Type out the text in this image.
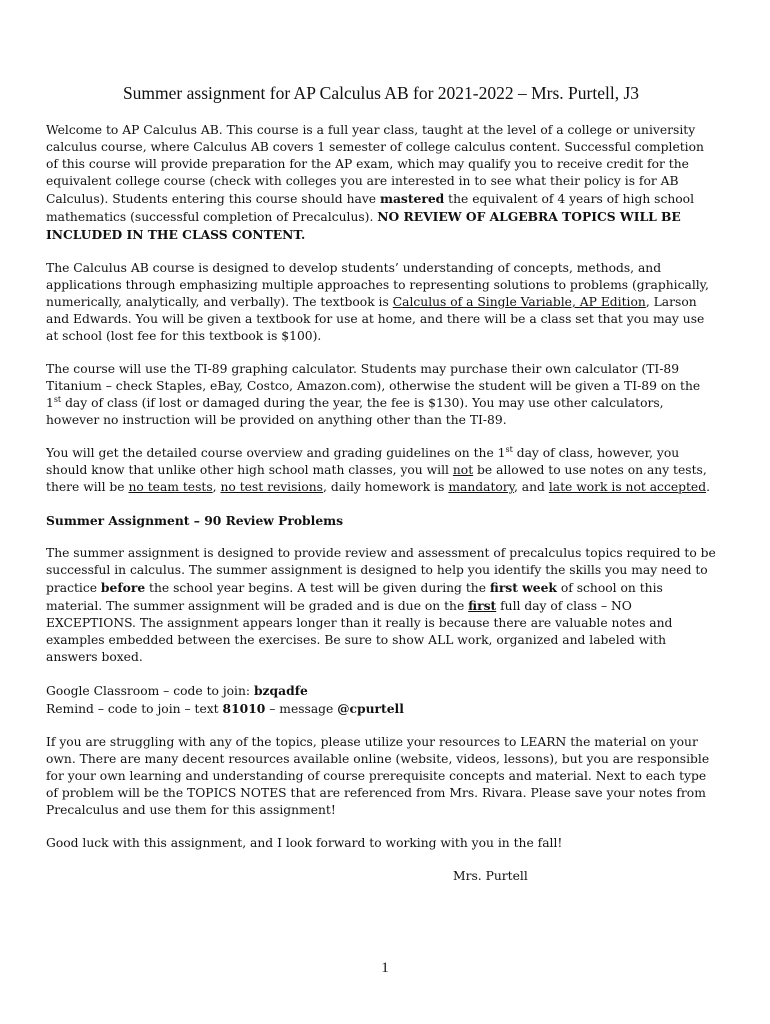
Summer assignment for AP Calculus AB for 2021-2022 – Mrs. Purtell, J3

Welcome to AP Calculus AB. This course is a full year class, taught at the level of a college or university calculus course, where Calculus AB covers 1 semester of college calculus content. Successful completion of this course will provide preparation for the AP exam, which may qualify you to receive credit for the equivalent college course (check with colleges you are interested in to see what their policy is for AB Calculus). Students entering this course should have mastered the equivalent of 4 years of high school mathematics (successful completion of Precalculus). NO REVIEW OF ALGEBRA TOPICS WILL BE INCLUDED IN THE CLASS CONTENT.

The Calculus AB course is designed to develop students’ understanding of concepts, methods, and applications through emphasizing multiple approaches to representing solutions to problems (graphically, numerically, analytically, and verbally). The textbook is Calculus of a Single Variable, AP Edition, Larson and Edwards. You will be given a textbook for use at home, and there will be a class set that you may use at school (lost fee for this textbook is $100).

The course will use the TI-89 graphing calculator. Students may purchase their own calculator (TI-89 Titanium – check Staples, eBay, Costco, Amazon.com), otherwise the student will be given a TI-89 on the 1st day of class (if lost or damaged during the year, the fee is $130). You may use other calculators, however no instruction will be provided on anything other than the TI-89.

You will get the detailed course overview and grading guidelines on the 1st day of class, however, you should know that unlike other high school math classes, you will not be allowed to use notes on any tests, there will be no team tests, no test revisions, daily homework is mandatory, and late work is not accepted.

Summer Assignment – 90 Review Problems

The summer assignment is designed to provide review and assessment of precalculus topics required to be successful in calculus. The summer assignment is designed to help you identify the skills you may need to practice before the school year begins. A test will be given during the first week of school on this material. The summer assignment will be graded and is due on the first full day of class – NO EXCEPTIONS. The assignment appears longer than it really is because there are valuable notes and examples embedded between the exercises. Be sure to show ALL work, organized and labeled with answers boxed.

Google Classroom – code to join: bzqadfe
Remind – code to join – text 81010 – message @cpurtell

If you are struggling with any of the topics, please utilize your resources to LEARN the material on your own. There are many decent resources available online (website, videos, lessons), but you are responsible for your own learning and understanding of course prerequisite concepts and material. Next to each type of problem will be the TOPICS NOTES that are referenced from Mrs. Rivara. Please save your notes from Precalculus and use them for this assignment!

Good luck with this assignment, and I look forward to working with you in the fall!

Mrs. Purtell

1
